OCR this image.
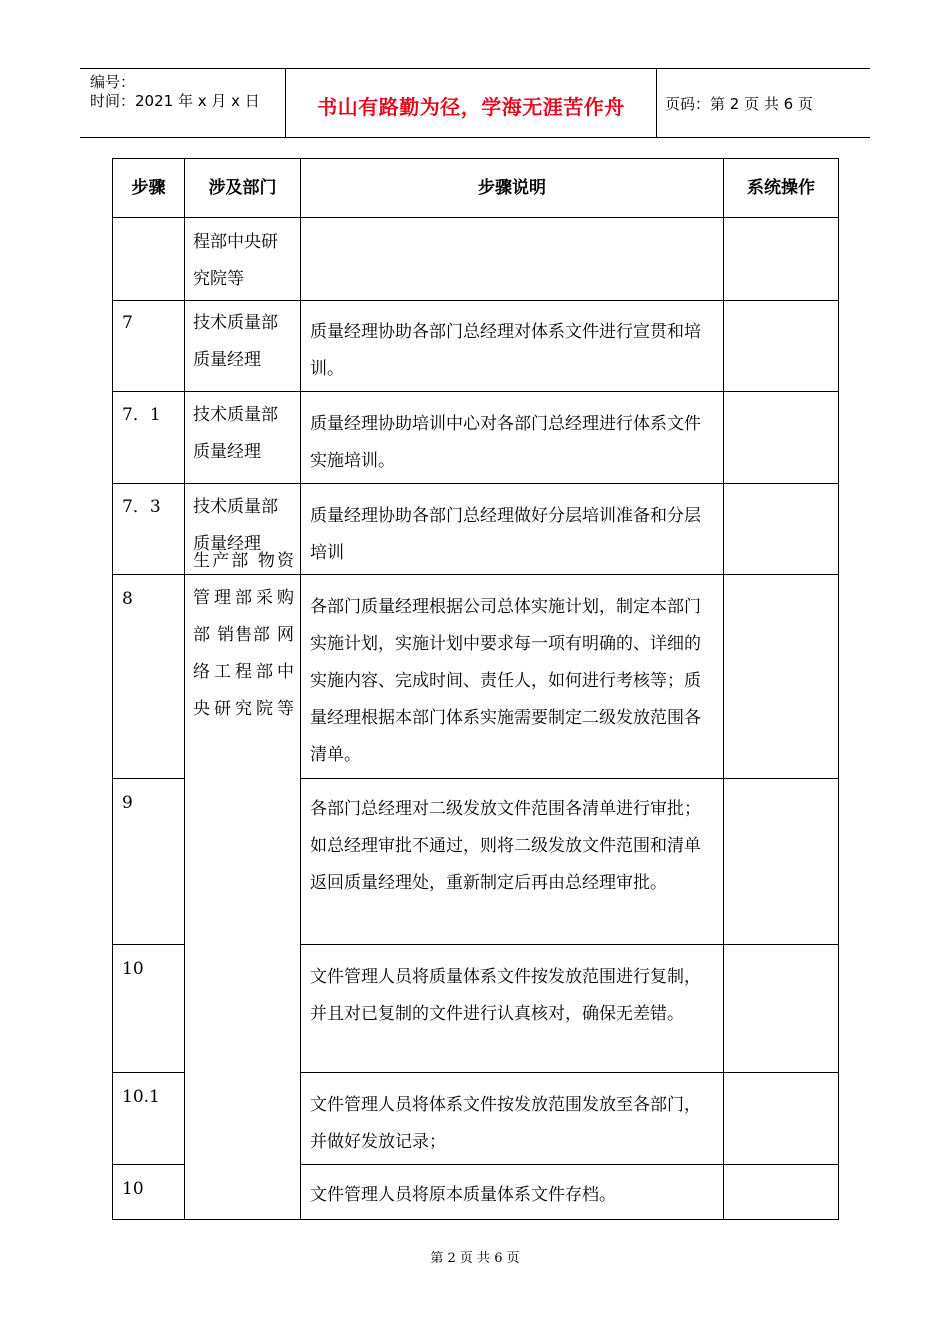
编号：
时间：2021 年 x 月 x 日	书山有路勤为径，学海无涯苦作舟	页码：第 2 页 共 6 页
步骤	涉及部门	步骤说明	系统操作
	程部中央研究院等		
7	技术质量部质量经理	质量经理协助各部门总经理对体系文件进行宣贯和培训。	
7．1	技术质量部质量经理	质量经理协助培训中心对各部门总经理进行体系文件实施培训。	
7．3	技术质量部质量经理	质量经理协助各部门总经理做好分层培训准备和分层培训	
8	生产部 物资管理部采购部 销售部 网络工程部中央研究院等	各部门质量经理根据公司总体实施计划，制定本部门实施计划，实施计划中要求每一项有明确的、详细的实施内容、完成时间、责任人，如何进行考核等；质量经理根据本部门体系实施需要制定二级发放范围各清单。	
9		各部门总经理对二级发放文件范围各清单进行审批；如总经理审批不通过，则将二级发放文件范围和清单返回质量经理处，重新制定后再由总经理审批。	
10		文件管理人员将质量体系文件按发放范围进行复制，并且对已复制的文件进行认真核对，确保无差错。	
10.1		文件管理人员将体系文件按发放范围发放至各部门，并做好发放记录；	
10		文件管理人员将原本质量体系文件存档。	
第 2 页 共 6 页
